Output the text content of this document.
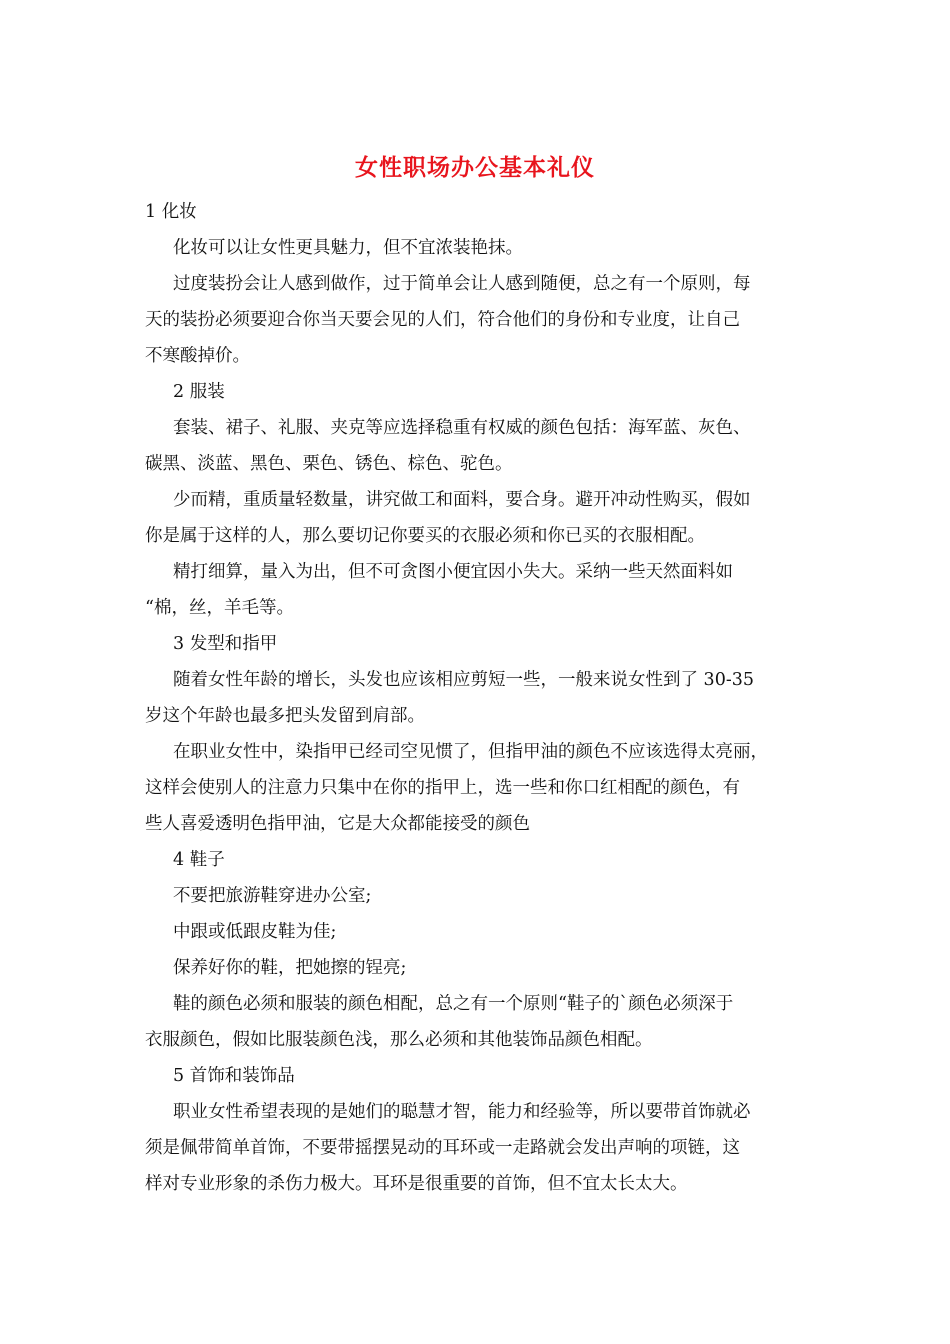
女性职场办公基本礼仪
1 化妆
化妆可以让女性更具魅力，但不宜浓装艳抹。
过度装扮会让人感到做作，过于简单会让人感到随便，总之有一个原则，每
天的装扮必须要迎合你当天要会见的人们，符合他们的身份和专业度，让自己
不寒酸掉价。
2 服装
套装、裙子、礼服、夹克等应选择稳重有权威的颜色包括：海军蓝、灰色、
碳黑、淡蓝、黑色、栗色、锈色、棕色、驼色。
少而精，重质量轻数量，讲究做工和面料，要合身。避开冲动性购买，假如
你是属于这样的人，那么要切记你要买的衣服必须和你已买的衣服相配。
精打细算，量入为出，但不可贪图小便宜因小失大。采纳一些天然面料如
“棉，丝，羊毛等。
3 发型和指甲
随着女性年龄的增长，头发也应该相应剪短一些，一般来说女性到了 30-35
岁这个年龄也最多把头发留到肩部。
在职业女性中，染指甲已经司空见惯了，但指甲油的颜色不应该选得太亮丽，
这样会使别人的注意力只集中在你的指甲上，选一些和你口红相配的颜色，有
些人喜爱透明色指甲油，它是大众都能接受的颜色
4 鞋子
不要把旅游鞋穿进办公室;
中跟或低跟皮鞋为佳;
保养好你的鞋，把她擦的锃亮;
鞋的颜色必须和服装的颜色相配，总之有一个原则“鞋子的`颜色必须深于
衣服颜色，假如比服装颜色浅，那么必须和其他装饰品颜色相配。
5 首饰和装饰品
职业女性希望表现的是她们的聪慧才智，能力和经验等，所以要带首饰就必
须是佩带简单首饰，不要带摇摆晃动的耳环或一走路就会发出声响的项链，这
样对专业形象的杀伤力极大。耳环是很重要的首饰，但不宜太长太大。
